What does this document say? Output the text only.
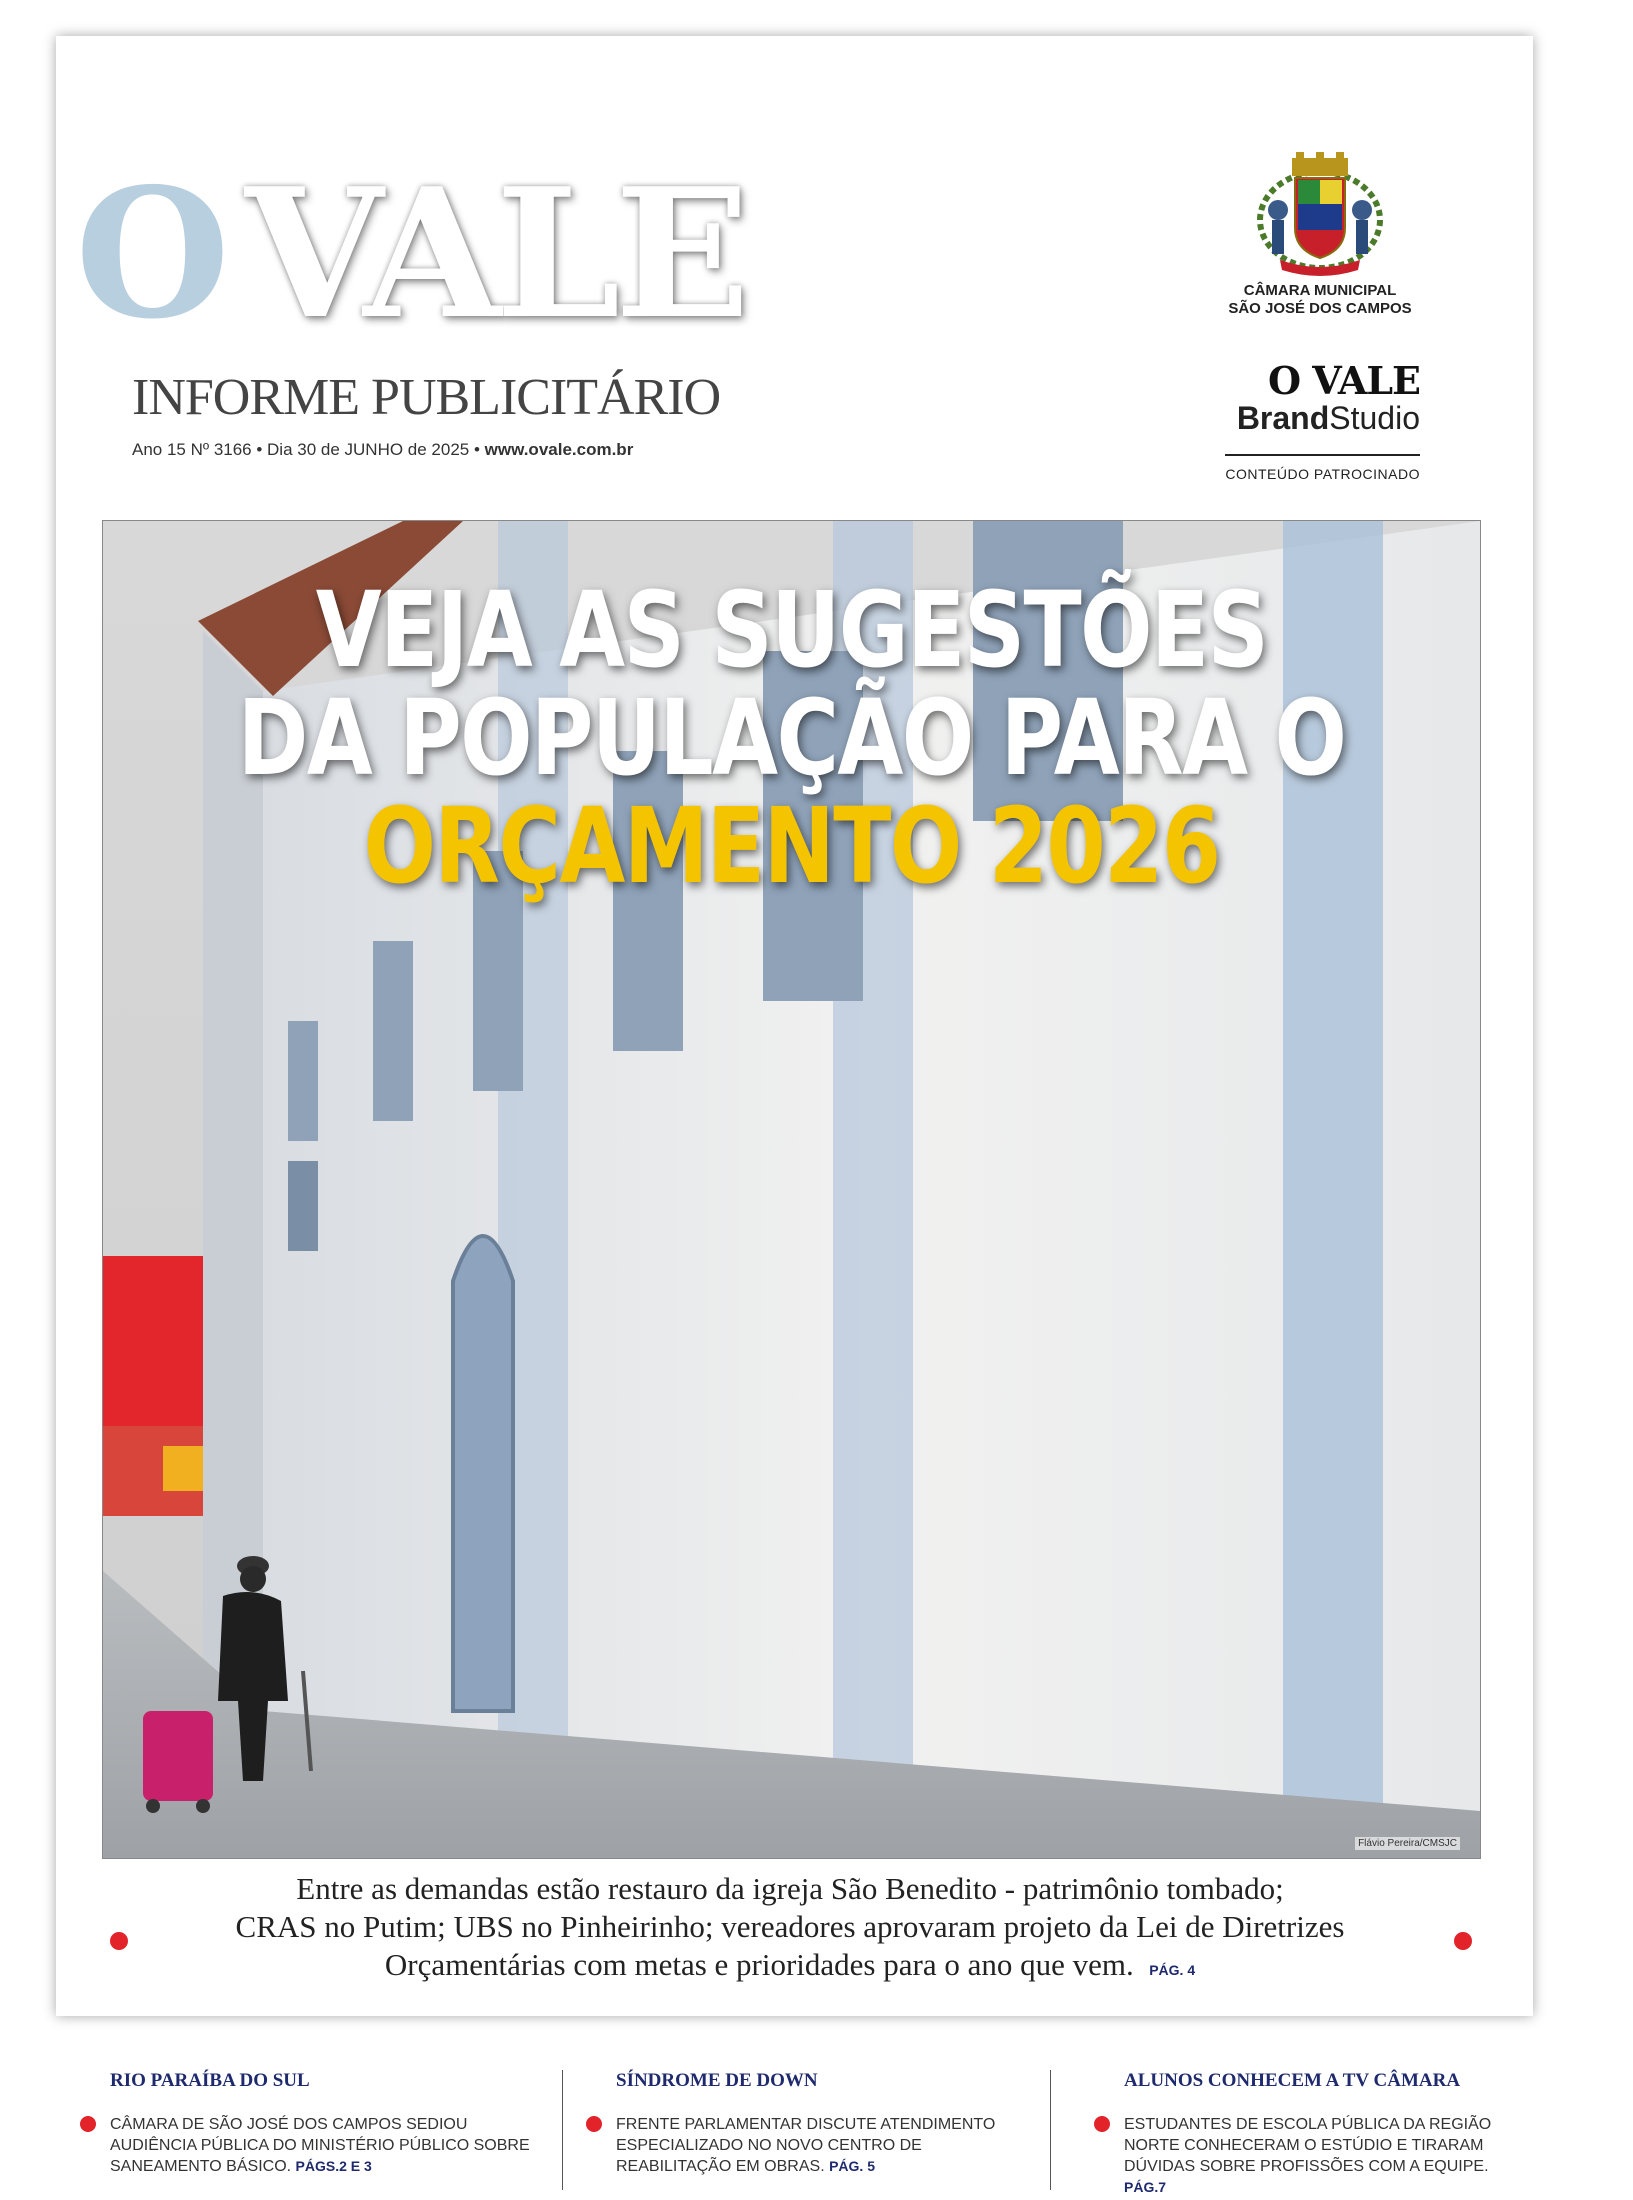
O VALE
INFORME PUBLICITÁRIO
Ano 15 Nº 3166 • Dia 30 de JUNHO de 2025 • www.ovale.com.br
CÂMARA MUNICIPAL
SÃO JOSÉ DOS CAMPOS
O VALE
BrandStudio
CONTEÚDO PATROCINADO
VEJA AS SUGESTÕES
DA POPULAÇÃO PARA O
ORÇAMENTO 2026
Flávio Pereira/CMSJC
Entre as demandas estão restauro da igreja São Benedito - patrimônio tombado;
CRAS no Putim; UBS no Pinheirinho; vereadores aprovaram projeto da Lei de Diretrizes
Orçamentárias com metas e prioridades para o ano que vem. PÁG. 4
RIO PARAÍBA DO SUL
CÂMARA DE SÃO JOSÉ DOS CAMPOS SEDIOU AUDIÊNCIA PÚBLICA DO MINISTÉRIO PÚBLICO SOBRE SANEAMENTO BÁSICO. PÁGS.2 E 3
SÍNDROME DE DOWN
FRENTE PARLAMENTAR DISCUTE ATENDIMENTO ESPECIALIZADO NO NOVO CENTRO DE REABILITAÇÃO EM OBRAS. PÁG. 5
ALUNOS CONHECEM A TV CÂMARA
ESTUDANTES DE ESCOLA PÚBLICA DA REGIÃO NORTE CONHECERAM O ESTÚDIO E TIRARAM DÚVIDAS SOBRE PROFISSÕES COM A EQUIPE. PÁG.7
